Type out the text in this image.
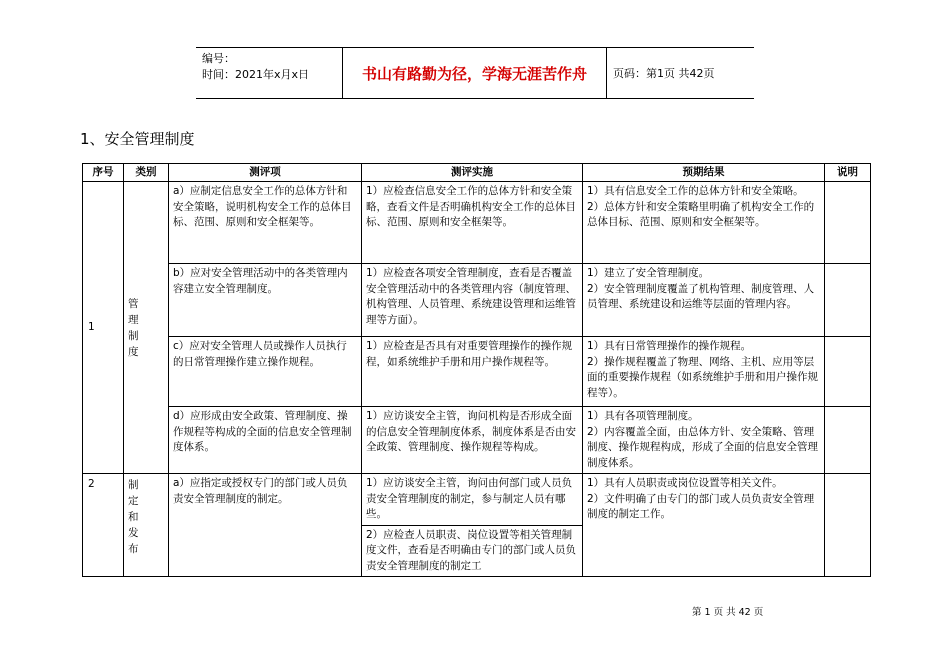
编号：
时间：2021年x月x日	书山有路勤为径，学海无涯苦作舟	页码：第1页 共42页
1、安全管理制度
序号	类别	测评项	测评实施	预期结果	说明
1	管理制度	a）应制定信息安全工作的总体方针和安全策略，说明机构安全工作的总体目标、范围、原则和安全框架等。	1）应检查信息安全工作的总体方针和安全策略，查看文件是否明确机构安全工作的总体目标、范围、原则和安全框架等。	1）具有信息安全工作的总体方针和安全策略。
2）总体方针和安全策略里明确了机构安全工作的总体目标、范围、原则和安全框架等。	
		b）应对安全管理活动中的各类管理内容建立安全管理制度。	1）应检查各项安全管理制度，查看是否覆盖安全管理活动中的各类管理内容（制度管理、机构管理、人员管理、系统建设管理和运维管理等方面）。	1）建立了安全管理制度。
2）安全管理制度覆盖了机构管理、制度管理、人员管理、系统建设和运维等层面的管理内容。	
		c）应对安全管理人员或操作人员执行的日常管理操作建立操作规程。	1）应检查是否具有对重要管理操作的操作规程，如系统维护手册和用户操作规程等。	1）具有日常管理操作的操作规程。
2）操作规程覆盖了物理、网络、主机、应用等层面的重要操作规程（如系统维护手册和用户操作规程等）。	
		d）应形成由安全政策、管理制度、操作规程等构成的全面的信息安全管理制度体系。	1）应访谈安全主管，询问机构是否形成全面的信息安全管理制度体系，制度体系是否由安全政策、管理制度、操作规程等构成。	1）具有各项管理制度。
2）内容覆盖全面，由总体方针、安全策略、管理制度、操作规程构成，形成了全面的信息安全管理制度体系。	
2	制定和发布	a）应指定或授权专门的部门或人员负责安全管理制度的制定。	1）应访谈安全主管，询问由何部门或人员负责安全管理制度的制定，参与制定人员有哪些。	1）具有人员职责或岗位设置等相关文件。
2）文件明确了由专门的部门或人员负责安全管理制度的制定工作。	
			2）应检查人员职责、岗位设置等相关管理制度文件，查看是否明确由专门的部门或人员负责安全管理制度的制定工		
第 1 页 共 42 页
